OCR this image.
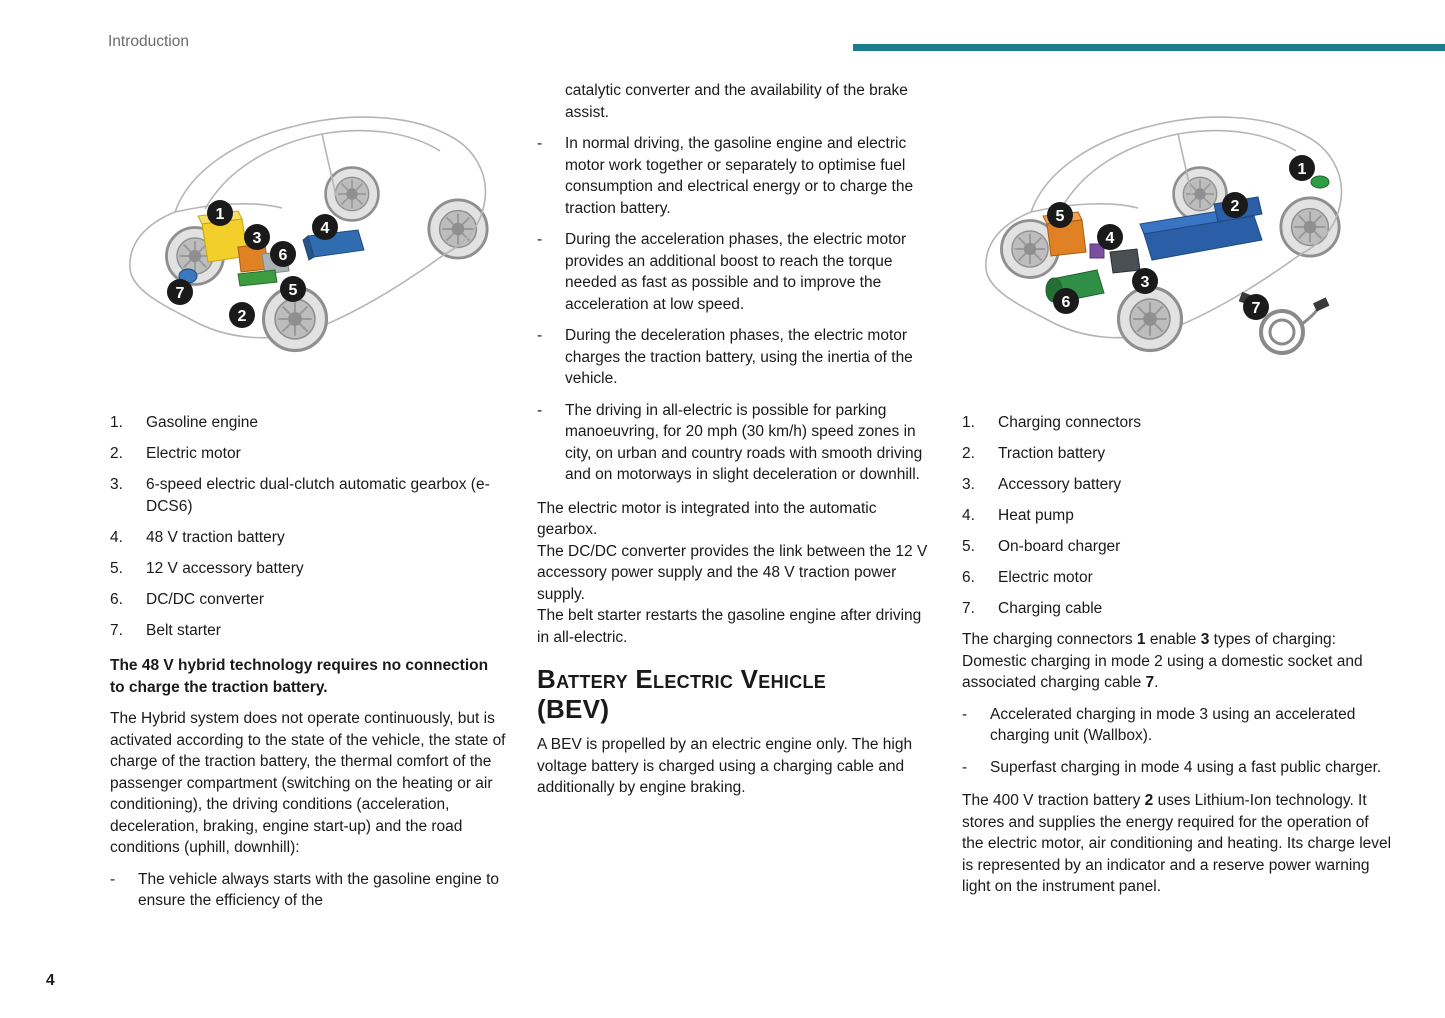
Introduction
1
3
6
4
7	5
2
1.	Gasoline engine
2.	Electric motor
3.	6-speed electric dual-clutch automatic gearbox (e-DCS6)
4.	48 V traction battery
5.	12 V accessory battery
6.	DC/DC converter
7.	Belt starter

The 48 V hybrid technology requires no connection to charge the traction battery.

The Hybrid system does not operate continuously, but is activated according to the state of the vehicle, the state of charge of the traction battery, the thermal comfort of the passenger compartment (switching on the heating or air conditioning), the driving conditions (acceleration, deceleration, braking, engine start-up) and the road conditions (uphill, downhill):

-	The vehicle always starts with the gasoline engine to ensure the efficiency of the
catalytic converter and the availability of the brake assist.
-	In normal driving, the gasoline engine and electric motor work together or separately to optimise fuel consumption and electrical energy or to charge the traction battery.
-	During the acceleration phases, the electric motor provides an additional boost to reach the torque needed as fast as possible and to improve the acceleration at low speed.
-	During the deceleration phases, the electric motor charges the traction battery, using the inertia of the vehicle.
-	The driving in all-electric is possible for parking manoeuvring, for 20 mph (30 km/h) speed zones in city, on urban and country roads with smooth driving and on motorways in slight deceleration or downhill.

The electric motor is integrated into the automatic gearbox.

The DC/DC converter provides the link between the 12 V accessory power supply and the 48 V traction power supply.

The belt starter restarts the gasoline engine after driving in all-electric.

Battery Electric Vehicle
(BEV)

A BEV is propelled by an electric engine only. The high voltage battery is charged using a charging cable and additionally by engine braking.

1
2
5
4
3
6	7
1.	Charging connectors
2.	Traction battery
3.	Accessory battery
4.	Heat pump
5.	On-board charger
6.	Electric motor
7.	Charging cable

The charging connectors 1 enable 3 types of charging:

Domestic charging in mode 2 using a domestic socket and associated charging cable 7.

-	Accelerated charging in mode 3 using an accelerated charging unit (Wallbox).
-	Superfast charging in mode 4 using a fast public charger.

The 400 V traction battery 2 uses Lithium-Ion technology. It stores and supplies the energy required for the operation of the electric motor, air conditioning and heating. Its charge level is represented by an indicator and a reserve power warning light on the instrument panel.

4
